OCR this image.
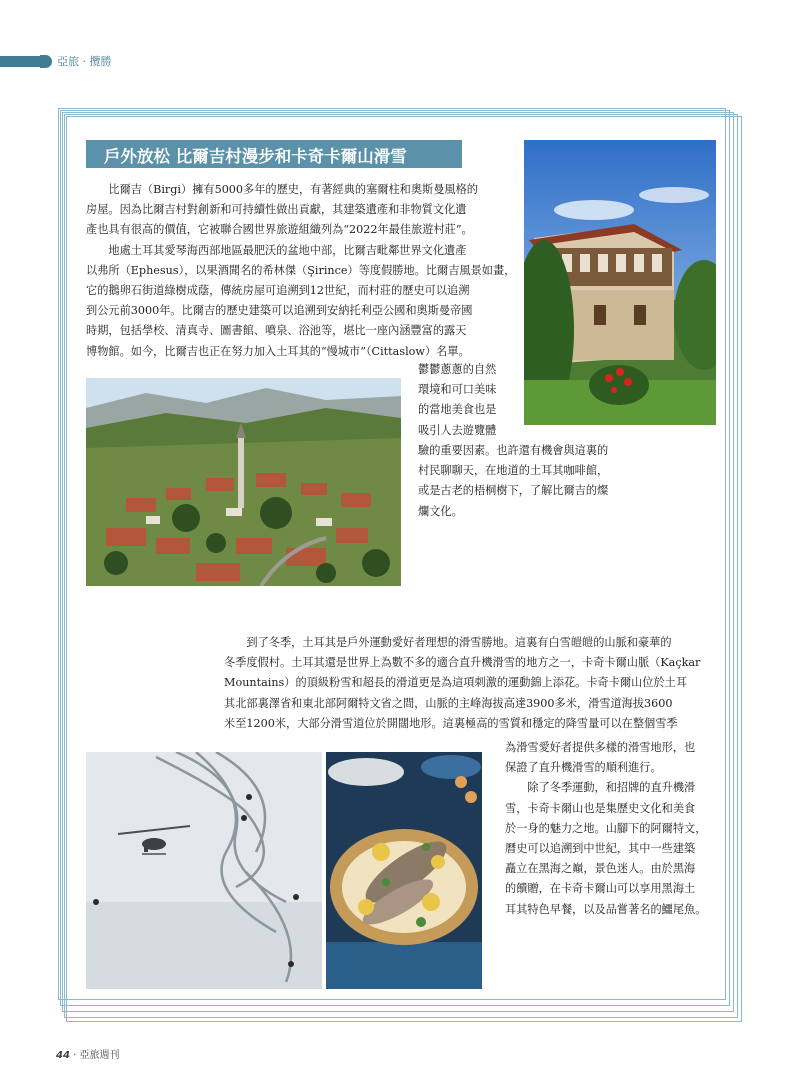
亞旅 · 攬勝
戶外放松 比爾吉村漫步和卡奇卡爾山滑雪
　　比爾吉（Birgi）擁有5000多年的歷史，有著經典的塞爾柱和奧斯曼風格的
房屋。因為比爾吉村對創新和可持續性做出貢獻，其建築遺產和非物質文化遺
產也具有很高的價值，它被聯合國世界旅遊組織列為“2022年最佳旅遊村莊”。
　　地處土耳其愛琴海西部地區最肥沃的盆地中部，比爾吉毗鄰世界文化遺產
以弗所（Ephesus），以果酒聞名的希林傑（Şirince）等度假勝地。比爾吉風景如畫，
它的鵝卵石街道綠樹成蔭，傳統房屋可追溯到12世紀，而村莊的歷史可以追溯
到公元前3000年。比爾吉的歷史建築可以追溯到安納托利亞公國和奧斯曼帝國
時期，包括學校、清真寺、圖書館、噴泉、浴池等，堪比一座內涵豐富的露天
博物館。如今，比爾吉也正在努力加入土耳其的“慢城市”（Cittaslow）名單。
鬱鬱蔥蔥的自然
環境和可口美味
的當地美食也是
吸引人去遊覽體
驗的重要因素。也許還有機會與這裏的
村民聊聊天，在地道的土耳其咖啡館，
或是古老的梧桐樹下，了解比爾吉的燦
爛文化。
　　到了冬季，土耳其是戶外運動愛好者理想的滑雪勝地。這裏有白雪皚皚的山脈和豪華的
冬季度假村。土耳其還是世界上為數不多的適合直升機滑雪的地方之一，卡奇卡爾山脈（Kaçkar
Mountains）的頂級粉雪和超長的滑道更是為這項刺激的運動錦上添花。卡奇卡爾山位於土耳
其北部裏澤省和東北部阿爾特文省之間，山脈的主峰海拔高達3900多米，滑雪道海拔3600
米至1200米，大部分滑雪道位於開闊地形。這裏極高的雪質和穩定的降雪量可以在整個雪季
為滑雪愛好者提供多樣的滑雪地形，也
保證了直升機滑雪的順利進行。
　　除了冬季運動，和招牌的直升機滑
雪，卡奇卡爾山也是集歷史文化和美食
於一身的魅力之地。山腳下的阿爾特文，
曆史可以追溯到中世紀，其中一些建築
矗立在黑海之巔，景色迷人。由於黑海
的饋贈，在卡奇卡爾山可以享用黑海土
耳其特色早餐，以及品嘗著名的鱷尾魚。
44 · 亞旅週刊
